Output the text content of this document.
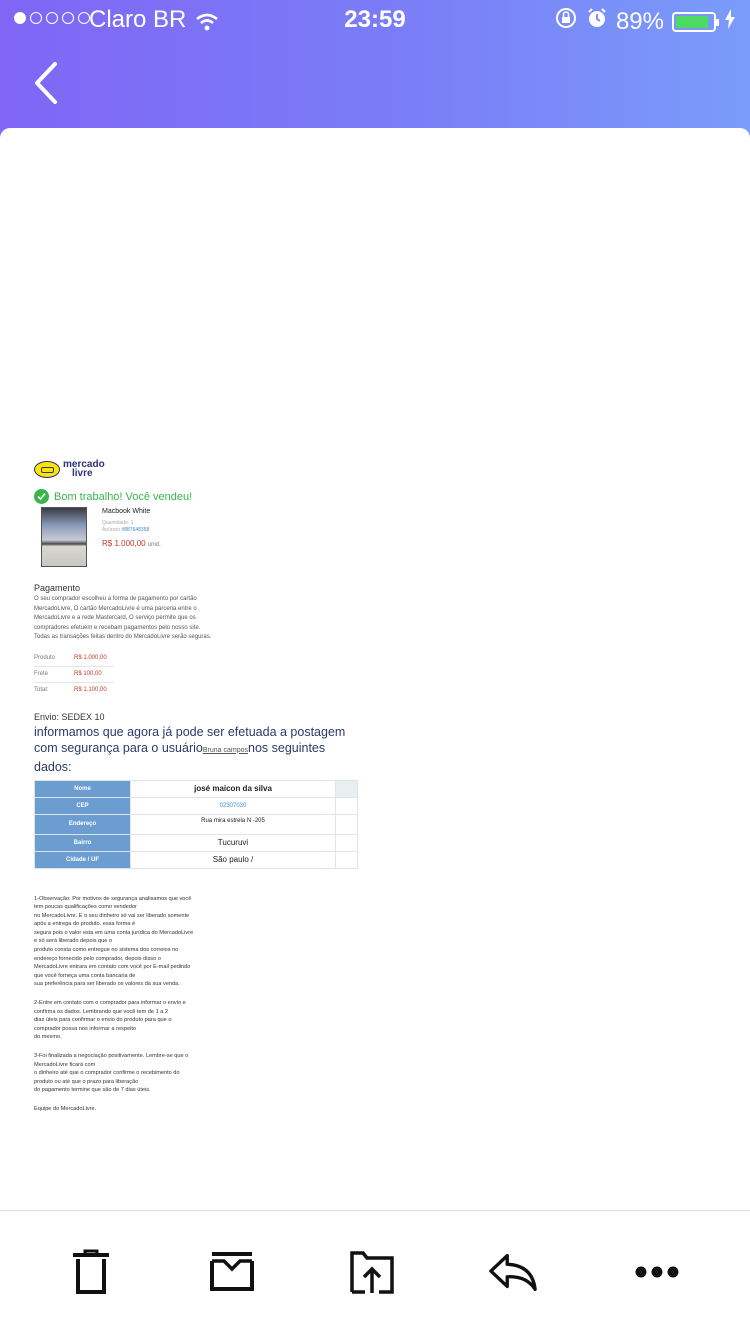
Claro BR	23:59	89%
mercado
livre
Bom trabalho! Você vendeu!
Macbook White
Quantidade: 1
Anúncio #887648358
R$ 1.000,00 unid.
Pagamento
O seu comprador escolheu a forma de pagamento por cartão MercadoLivre, O cartão MercadoLivre é uma parceria entre o MercadoLivre e a rede Mastercard, O serviço permite que os compradores efetuem e recebam pagamentos pelo nosso site. Todas as transações feitas dentro do MercadoLivre serão seguras.
Produto	R$ 1.000,00
Frete	R$ 100,00
Total:	R$ 1.100,00
Envio: SEDEX 10
informamos que agora já pode ser efetuada a postagem com segurança para o usuárioBruna camposnos seguintes dados:
Nome	josé maicon da silva	
CEP	02307030	
Endereço	Rua mira estrela N -205	
Bairro	Tucuruvi	
Cidade / UF	São paulo /	

1-Observação: Por motivos de segurança analisamos que você
tem poucas qualificações como vendedor
no MercadoLivre. E o seu dinheiro só vai ser liberado somente
após a entrega do produto. essa forma é
segura pois o valor esta em uma conta jurídica do MercadoLivre
e só será liberado depois que o
produto consta como entregue no sistema dos correios no
endereço fornecido pelo comprador, depois disso o
MercadoLivre entrara em contato com você por E-mail pedindo
que você forneça uma conta bancaria de
sua preferência para ser liberado os valores da sua venda.

2-Entre em contato com o comprador para informar o envio e
confirma os dados. Lembrando que você tem de 1 a 2
dias úteis para confirmar o envio do produto para que o
comprador possa nos informar a respeito
do mesmo.

3-Foi finalizada a negociação positivamente. Lembre-se que o
MercadoLivre ficará com
o dinheiro até que o comprador confirme o recebimento do
produto ou até que o prazo para liberação
do pagamento termine que são de 7 dias úteis.

Equipe do MercadoLivre.
